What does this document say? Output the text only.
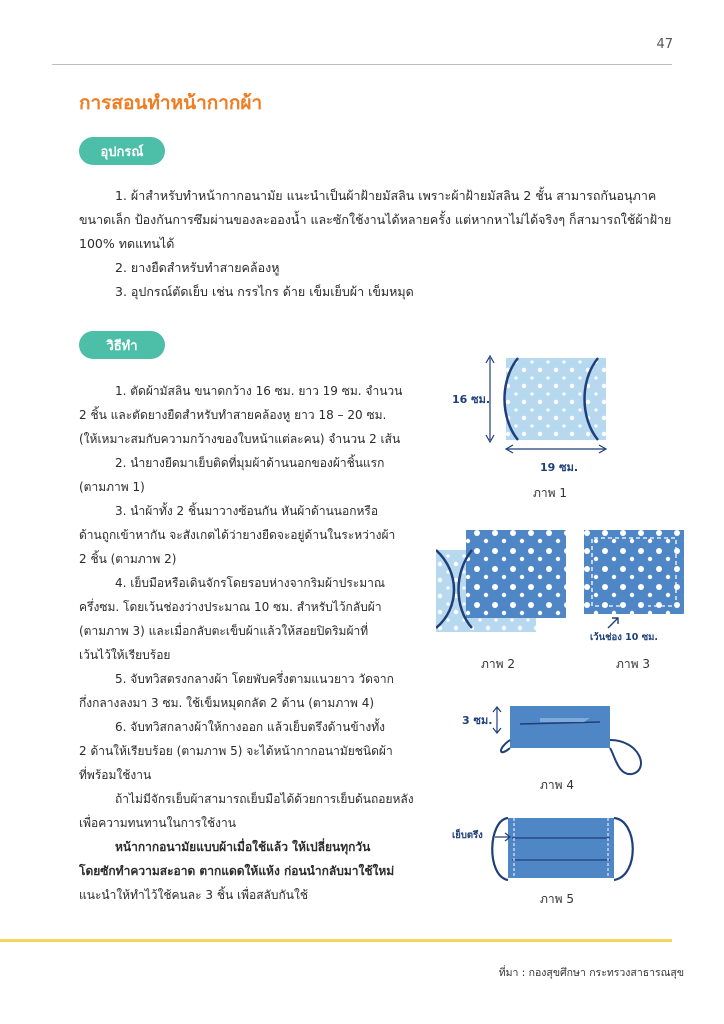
47
การสอนทำหน้ากากผ้า
อุปกรณ์

1. ผ้าสำหรับทำหน้ากากอนามัย แนะนำเป็นผ้าฝ้ายมัสลิน เพราะผ้าฝ้ายมัสลิน 2 ชั้น สามารถกันอนุภาค

ขนาดเล็ก ป้องกันการซึมผ่านของละอองน้ำ และซักใช้งานได้หลายครั้ง แต่หากหาไม่ได้จริงๆ ก็สามารถใช้ผ้าฝ้าย

100% ทดแทนได้

2. ยางยืดสำหรับทำสายคล้องหู

3. อุปกรณ์ตัดเย็บ เช่น กรรไกร ด้าย เข็มเย็บผ้า เข็มหมุด

วิธีทำ

1. ตัดผ้ามัสลิน ขนาดกว้าง 16 ซม. ยาว 19 ซม. จำนวน

2 ชิ้น และตัดยางยืดสำหรับทำสายคล้องหู ยาว 18 – 20 ซม.

(ให้เหมาะสมกับความกว้างของใบหน้าแต่ละคน) จำนวน 2 เส้น

2. นำยางยืดมาเย็บติดที่มุมผ้าด้านนอกของผ้าชิ้นแรก

(ตามภาพ 1)

3. นำผ้าทั้ง 2 ชิ้นมาวางซ้อนกัน หันผ้าด้านนอกหรือ

ด้านถูกเข้าหากัน จะสังเกตได้ว่ายางยืดจะอยู่ด้านในระหว่างผ้า

2 ชิ้น (ตามภาพ 2)

4. เย็บมือหรือเดินจักรโดยรอบห่างจากริมผ้าประมาณ

ครึ่งซม. โดยเว้นช่องว่างประมาณ 10 ซม. สำหรับไว้กลับผ้า

(ตามภาพ 3) และเมื่อกลับตะเข็บผ้าแล้วให้สอยปิดริมผ้าที่

เว้นไว้ให้เรียบร้อย

5. จับทวิสตรงกลางผ้า โดยพับครึ่งตามแนวยาว วัดจาก

กึ่งกลางลงมา 3 ซม. ใช้เข็มหมุดกลัด 2 ด้าน (ตามภาพ 4)

6. จับทวิสกลางผ้าให้กางออก แล้วเย็บตรึงด้านข้างทั้ง

2 ด้านให้เรียบร้อย (ตามภาพ 5) จะได้หน้ากากอนามัยชนิดผ้า

ที่พร้อมใช้งาน

ถ้าไม่มีจักรเย็บผ้าสามารถเย็บมือได้ด้วยการเย็บด้นถอยหลัง

เพื่อความทนทานในการใช้งาน

หน้ากากอนามัยแบบผ้าเมื่อใช้แล้ว ให้เปลี่ยนทุกวัน

โดยซักทำความสะอาด ตากแดดให้แห้ง ก่อนนำกลับมาใช้ใหม่

แนะนำให้ทำไว้ใช้คนละ 3 ชิ้น เพื่อสลับกันใช้

16 ซม.
19 ซม.
ภาพ 1
ภาพ 2
เว้นช่อง 10 ซม.
ภาพ 3
3 ซม.
ภาพ 4
เย็บตรึง
ภาพ 5
ที่มา : กองสุขศึกษา กระทรวงสาธารณสุข
